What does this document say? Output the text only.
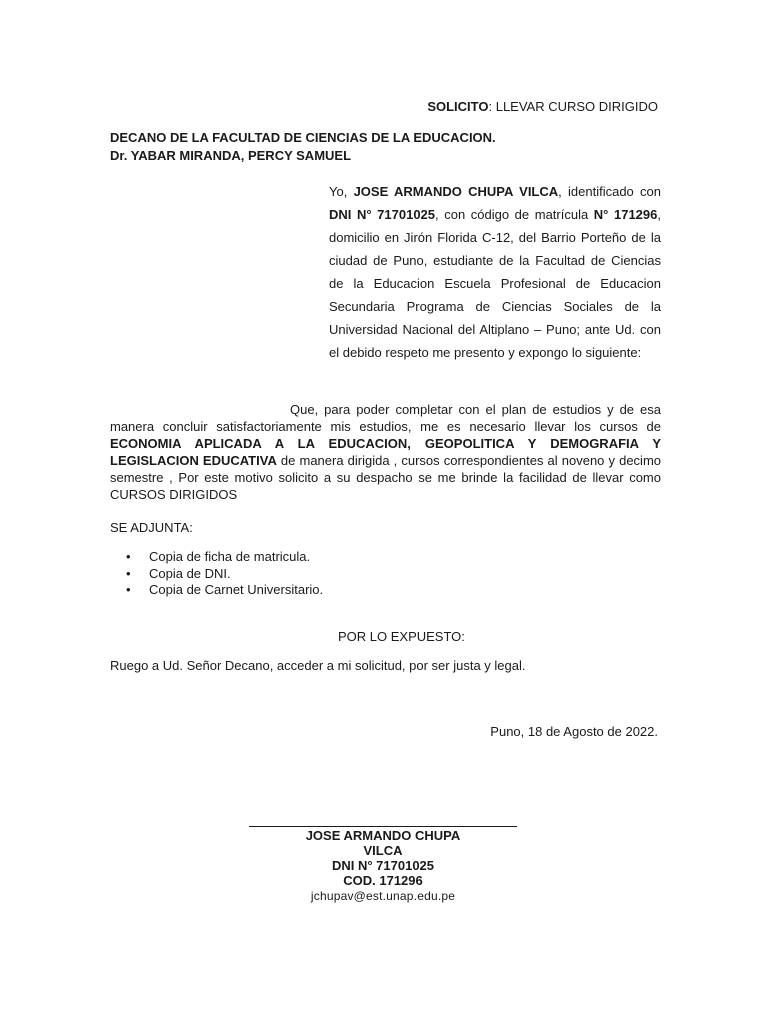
SOLICITO: LLEVAR CURSO DIRIGIDO
DECANO DE LA FACULTAD DE CIENCIAS DE LA EDUCACION.
Dr. YABAR MIRANDA, PERCY SAMUEL
Yo, JOSE ARMANDO CHUPA VILCA, identificado con DNI N° 71701025, con código de matrícula N° 171296, domicilio en Jirón Florida C-12, del Barrio Porteño de la ciudad de Puno, estudiante de la Facultad de Ciencias de la Educacion Escuela Profesional de Educacion Secundaria Programa de Ciencias Sociales de la Universidad Nacional del Altiplano – Puno; ante Ud. con el debido respeto me presento y expongo lo siguiente:
Que, para poder completar con el plan de estudios y de esa manera concluir satisfactoriamente mis estudios, me es necesario llevar los cursos de ECONOMIA APLICADA A LA EDUCACION, GEOPOLITICA Y DEMOGRAFIA Y LEGISLACION EDUCATIVA de manera dirigida , cursos correspondientes al noveno y decimo semestre , Por este motivo solicito a su despacho se me brinde la facilidad de llevar como CURSOS DIRIGIDOS
SE ADJUNTA:
• Copia de ficha de matricula.
• Copia de DNI.
• Copia de Carnet Universitario.
POR LO EXPUESTO:
Ruego a Ud. Señor Decano, acceder a mi solicitud, por ser justa y legal.
Puno, 18 de Agosto de 2022.
JOSE ARMANDO CHUPA VILCA
DNI N° 71701025
COD. 171296
jchupav@est.unap.edu.pe
